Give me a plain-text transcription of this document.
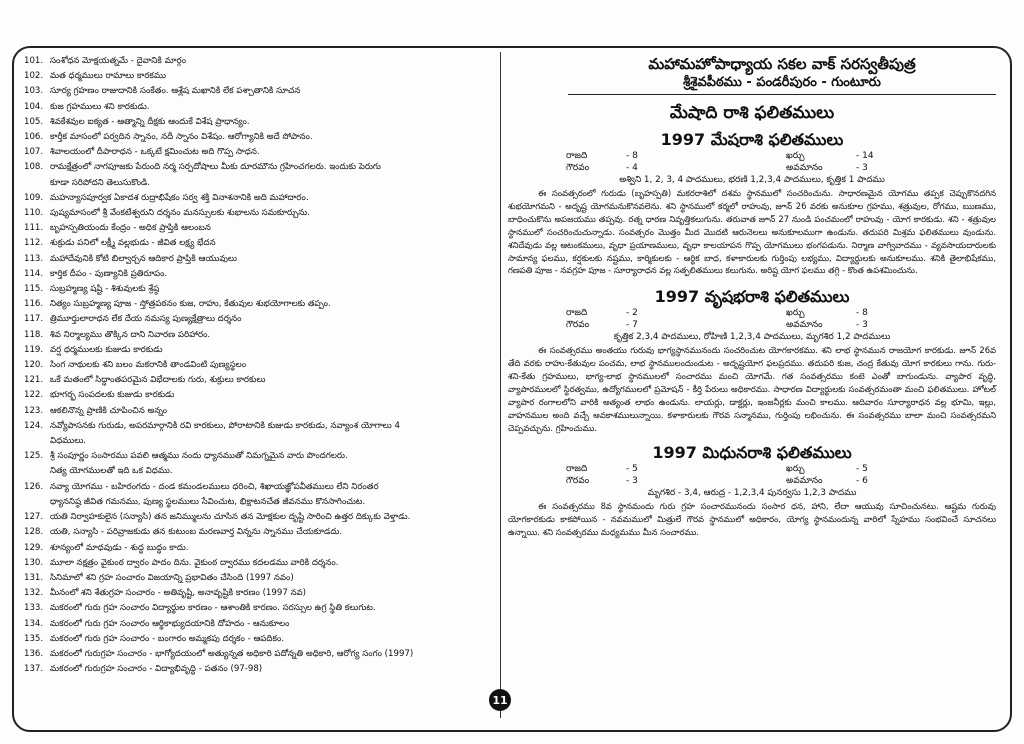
101. సంశోధన మోక్షయత్నమే - దైవానికి మార్గం
102. మత ధర్మములు రామాలు కారకము
103. సూర్య గ్రహణం రాజుదానికి సంకేతం. ఆశ్లేష మఖానికి లేక పశ్చాతానికి సూచన
104. కుజ గ్రహములు శని కారకుడు.
105. శివకేశవుల ఐక్యత - ఆత్మాన్ని దీక్షకు ఆందుకే విశేష ప్రాధాన్యం.
106. కార్తీక మాసంలో పర్వదిన స్నానం, నదీ స్నానం విశేషం. ఆరోగ్యానికి అదే సోపానం.
107. శివాలయంలో దీపారాధన - ఒక్కటే క్షమించుట అది గొప్ప సాధన.
108. రామక్షేత్రంలో నాగపూజకు పేరుంది నర్మ సర్పదోషాలు మీకు దూరమౌను గ్రహించగలరు. ఇందుకు పెరుగు
కూడా సరిపోదని తెలుసుకొండి.
109. మహన్యాసపూర్వక ఏకాదశ రుద్రాభిషేకం సర్వ శక్తి వినాశనానికి అది మహాదారం.
110. పుష్యమాసంలో శ్రీ వేంకటేశ్వరుని దర్శనం మనస్సులకు శుభాలను సమకూర్చును.
111. బృహస్పతియందు కేంద్రం - అధిక ప్రాప్తికి ఆలంబన
112. శుక్రుడు పనిలో లక్ష్మీ వల్లభుడు - జీవిత లక్ష్య భేదన
113. మహాదేవునికి కోటి బిల్వార్చన ఆదికార ప్రాప్తికి ఆయువులు
114. కార్తిక దీపం - పుణ్యానికి ప్రతిరూపం.
115. సుబ్రహ్మణ్య షష్టి - శిశువులకు శ్రేష్ఠ
116. నిత్యం సుబ్రహ్మణ్య పూజ - స్తోత్రపఠనం కుజ, రాహు, కేతువుల శుభయోగాలకు తప్పం.
117. త్రిమూర్తులారాధన లేక దేయ నమస్య పుణ్యక్షేత్రాలు దర్శనం
118. శివ నిర్మాల్యము తొక్కిన దాని నివారణ పరిహారం.
119. వర్ష ధర్మములకు కుజుడు కారకుడు
120. సింగ నాథులకు శని బలం మకరానికి తాండవింటి పుణ్యస్థలం
121. ఒకే మతంలో సిద్ధాంతపరమైన విభేదాలకు గురు, శుక్రులు కారకులు
122. భూగర్భ సంపదలకు కుజుడు కారకుడు
123. ఆకలినొన్న ప్రాణికి చూపించిన అన్నం
124. నవ్యోపాసనకు గురుడు, అపరమార్గానికి రవి కారకులు, పోరాటానికి కుజుడు కారకుడు, నవ్యాంశ యోగాలు 4
విధములు.
125. శ్రీ సంపూర్ణం సంసారము పవలి ఆత్మము నందు ధ్యానముతో నిమగ్నమైన వారు పొందగలరు.
నిత్య యోగములతో ఇది ఒక విధము.
126. నవ్యా యోగము - బహిరంగదు - దండ కమండలములు ధరించి, శిఖాయజ్ఞోపవీతములు లేని నిరంతర
ధ్యాననిష్ఠ జీవిత గమనము, పుణ్య స్థలములు సేవించుట, భిక్షాటనచేత జీవనము కొనసాగించుట.
127. యతి నిర్వాహకులైన (సన్యాసి) తన జనిమ్ములను చూసిన తన మోక్షకుల దృష్టి సారించి ఉత్తర దిక్కుకు వెళ్తాడు.
128. యతి, సన్యాసి - పరివ్రాజకుడు తన కుటుంబ మరణవార్త విన్నను స్నానము చేయకూడదు.
129. శూన్యంలో మాధవుడు - శుద్ధ బుద్ధం కాదు.
130. మూలా నక్షత్రం వైకుంఠ ద్వారం పాదం దిను. వైకుంఠ ద్వారము కదలడము వారికి దర్శనం.
131. సినిమాలో శని గ్రహ సంచారం విజయాన్ని ప్రభావితం చేసింది (1997 నవం)
132. మీనంలో శని శేతుగ్రహ సంచారం - అతివృష్టి, అనావృష్టికి కారణం (1997 నవ)
133. మకరంలో గురు గ్రహ సంచారం విద్యార్థుల కారణం - ఆశాంతికి కారణం. సరస్సుల ఉగ్ర స్థితి కలుగుట.
134. మకరంలో గురు గ్రహ సంచారం ఆర్థికాభ్యుదయానికి దోహదం - ఆనుకూలం
135. మకరంలో గురు గ్రహ సంచారం - బంగారం అమ్మకపు దర్శకం - ఆపదికం.
136. మకరంలో గురుగ్రహ సంచారం - భాగ్యోదయంలో అత్యున్నత అధికారి పదోన్నతి అధికారి, ఆరోగ్య సంగం (1997)
137. మకరంలో గురుగ్రహ సంచారం - విద్యాభివృద్ధి - పతనం (97-98)
మహామహోపాధ్యాయ సకల వాక్ సరస్వతీపుత్ర
శ్రీశైవపీఠము - పండరీపురం - గుంటూరు
మేషాది రాశి ఫలితములు
1997 మేషరాశి ఫలితములు
రాజది	- 8	ఖర్చు	- 14
గౌరవం	- 4	అవమానం	- 3
అశ్విని 1, 2, 3, 4 పాదములు, భరణి 1,2,3,4 పాదములు, కృత్తిక 1 పాదము
ఈ సంవత్సరంలో గురుడు (బృహస్పతి) మకరరాశిలో దశమ స్థానములో సంచరించును. సాధారణమైన యోగము తప్పక చెప్పుకొనదగిన శుభయోగమని - అదృష్ట యోగమనుకొనవలెను. శని స్థానములో కర్మలో రాహువు, జూన్ 26 వరకు అనుకూల గ్రహము, శత్రువుల, రోగము, ఋణము, బాధించుకొను అపజయము తప్పవు. రత్న ధారణ నివృత్తికలుగును. తరువాత జూన్ 27 నుండి పంచమంలో రాహువు - యోగ కారకుడు. శని - శత్రువుల స్థానములో సంచరించుచున్నాడు. సంవత్సరం మొత్తం మీద మొదటి ఆరునెలలు అనుకూలముగా ఉండును. తదుపరి మిశ్రమ ఫలితములు వుండును. శనిదేవుడు వల్ల ఆటంకములు, వృధా ప్రయాణములు, వృధా కాలయాపన గొప్ప యోగములు భంగపడును. నిర్మాణ వాగ్వివాదము - వ్యవసాయదారులకు సామాన్య ఫలము, కర్షకులకు నష్టము, కార్మికులకు - ఆర్థిక బాధ, కళాకారులకు గుర్తింపు లభ్యము, విద్యార్థులకు అనుకూలము. శనికి తైలాభిషేకము, గణపతి పూజ - నవగ్రహ పూజ - సూర్యారాధన వల్ల సత్ఫలితములు కలుగును. అరిష్ట యోగ ఫలము తగ్గి - కొంత ఉపశమించును.
1997 వృషభరాశి ఫలితములు
రాజది	- 2	ఖర్చు	- 8
గౌరవం	- 7	అవమానం	- 3
కృత్తిక 2,3,4 పాదములు, రోహిణి 1,2,3,4 పాదములు, మృగశిర 1,2 పాదములు
ఈ సంవత్సరము అంతయు గురువు భాగ్యస్థానమునందు సంచరించుట యోగకారకము. శని లాభ స్థానమున రాజయోగ కారకుడు. జూన్ 26వ తేది వరకు రాహు-కేతువుల పంచమ, లాభ స్థానములందుండుట - అదృష్టయోగ ఫలప్రదము. తదుపరి కుజ, చంద్ర కేతువు యోగ కారకులు గాను. గురు-శని-కేతు గ్రహములు, భాగ్య-లాభ స్థానములలో సంచారము మంచి యోగమే. గత సంవత్సరము కంటె ఎంతో బాగుండును. వ్యాపార వృద్ధి, వ్యాపారములలో స్థిరత్వము, ఉద్యోగములలో ప్రమోషన్ - కీర్తి పేరులు అధికారము. సాధారణ విద్యార్థులకు సంవత్సరమంతా మంచి ఫలితములు. హోటల్ వ్యాపార రంగాలలోని వారికి అత్యంత లాభం ఉండును. లాయర్లు, డాక్టర్లు, ఇంజనీర్లకు మంచి కాలము. ఆదివారం సూర్యారాధన వల్ల భూమి, ఇల్లు, వాహనముల అంది వచ్చే అవకాశములున్నాయి. కళాకారులకు గౌరవ సన్మానము, గుర్తింపు లభించును. ఈ సంవత్సరము బాలా మంచి సంవత్సరమని చెప్పవచ్చును. గ్రహించుము.
1997 మిధునరాశి ఫలితములు
రాజది	- 5	ఖర్చు	- 5
గౌరవం	- 3	అవమానం	- 6
మృగశిర - 3,4, ఆరుద్ర - 1,2,3,4 పునర్వసు 1,2,3 పాదము
ఈ సంవత్సరము 8వ స్థానమందు గురు గ్రహ సంచారమునందు సంసార ధన, హాని, లేదా ఆయువు సూచించునటు. ఆష్టమ గురువు యోగకారకుడు కాకపోయిన - నవమములో మిత్రులే గౌరవ స్థానములో అధికారం, యోగ్య స్థానమందున్న వారిలో స్నేహము సంభవించే సూచనలు ఉన్నాయి. శని సంవత్సరము మధ్యమము మీన సంచారము.
11
